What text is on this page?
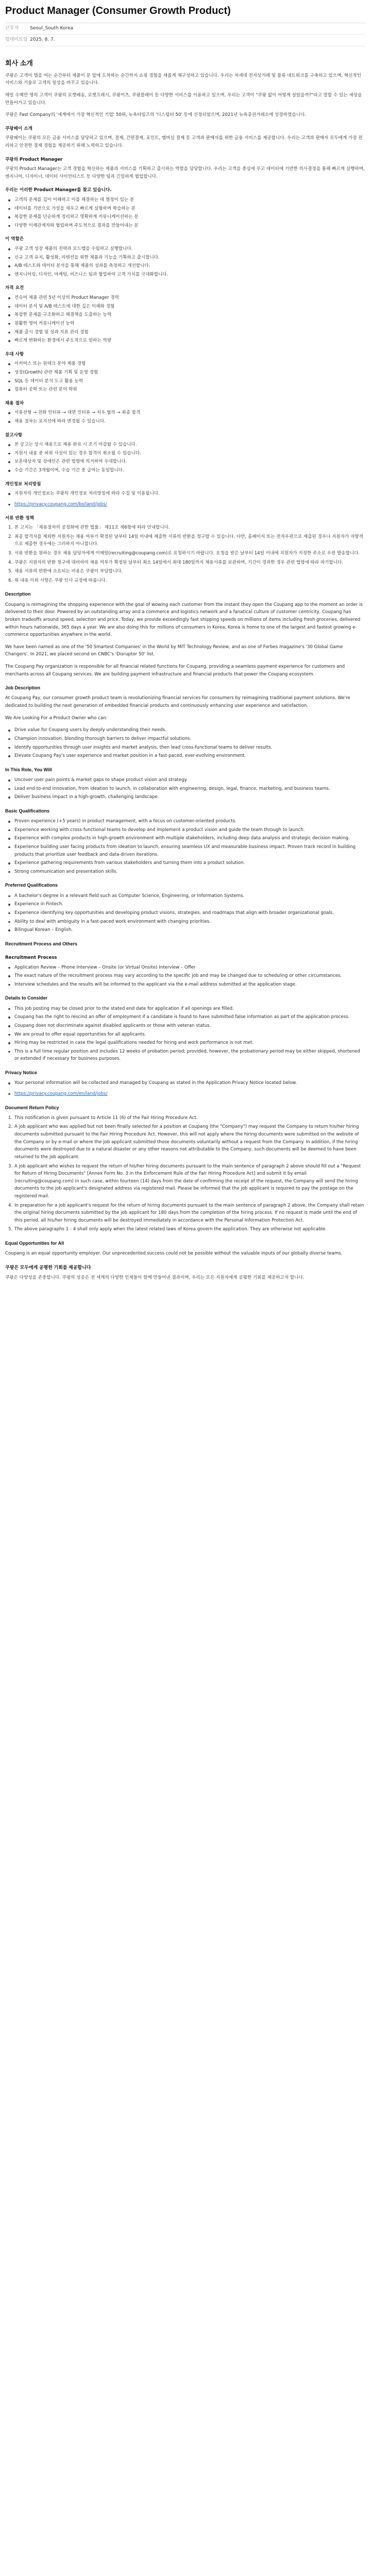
Product Manager (Consumer Growth Product)
근무지	Seoul_South Korea
업데이트일 2025. 8. 7.
회사 소개

쿠팡은 고객이 앱을 여는 순간부터 제품이 문 앞에 도착하는 순간까지 쇼핑 경험을 새롭게 재구성하고 있습니다. 우리는 차세대 전자상거래 및 물류 네트워크를 구축하고 있으며, 혁신적인 서비스와 기술로 고객의 일상을 바꾸고 있습니다.

매일 수백만 명의 고객이 쿠팡의 로켓배송, 로켓프레시, 쿠팡이츠, 쿠팡플레이 등 다양한 서비스를 이용하고 있으며, 우리는 고객이 "쿠팡 없이 어떻게 살았을까?"라고 말할 수 있는 세상을 만들어가고 있습니다.

쿠팡은 Fast Company의 '세계에서 가장 혁신적인 기업' 50위, 뉴욕타임즈의 '디스럽터 50' 등에 선정되었으며, 2021년 뉴욕증권거래소에 상장하였습니다.

쿠팡페이 소개

쿠팡페이는 쿠팡의 모든 금융 서비스를 담당하고 있으며, 결제, 간편결제, 포인트, 멤버십 결제 등 고객과 판매자를 위한 금융 서비스를 제공합니다. 우리는 고객과 판매자 모두에게 가장 편리하고 안전한 결제 경험을 제공하기 위해 노력하고 있습니다.

쿠팡의 Product Manager

쿠팡의 Product Manager는 고객 경험을 혁신하는 제품과 서비스를 기획하고 출시하는 역할을 담당합니다. 우리는 고객을 중심에 두고 데이터에 기반한 의사결정을 통해 빠르게 실행하며, 엔지니어, 디자이너, 데이터 사이언티스트 등 다양한 팀과 긴밀하게 협업합니다.

우리는 이러한 Product Manager를 찾고 있습니다.
고객의 문제를 깊이 이해하고 이를 해결하는 데 열정이 있는 분
데이터를 기반으로 가설을 세우고 빠르게 실험하며 학습하는 분
복잡한 문제를 단순하게 정리하고 명확하게 커뮤니케이션하는 분
다양한 이해관계자와 협업하며 주도적으로 결과를 만들어내는 분
이 역할은
쿠팡 고객 성장 제품의 전략과 로드맵을 수립하고 실행합니다.
신규 고객 유치, 활성화, 리텐션을 위한 제품과 기능을 기획하고 출시합니다.
A/B 테스트와 데이터 분석을 통해 제품의 성과를 측정하고 개선합니다.
엔지니어링, 디자인, 마케팅, 비즈니스 팀과 협업하여 고객 가치를 극대화합니다.
자격 요건
컨슈머 제품 관련 5년 이상의 Product Manager 경력
데이터 분석 및 A/B 테스트에 대한 깊은 이해와 경험
복잡한 문제를 구조화하고 해결책을 도출하는 능력
원활한 영어 커뮤니케이션 능력
제품 출시 경험 및 성과 지표 관리 경험
빠르게 변화하는 환경에서 주도적으로 일하는 역량
우대 사항
이커머스 또는 핀테크 분야 제품 경험
성장(Growth) 관련 제품 기획 및 운영 경험
SQL 등 데이터 분석 도구 활용 능력
컴퓨터 공학 또는 관련 분야 학위
채용 절차
서류전형 → 전화 인터뷰 → 대면 인터뷰 → 처우 협의 → 최종 합격
채용 절차는 포지션에 따라 변경될 수 있습니다.
참고사항
본 공고는 상시 채용으로 채용 완료 시 조기 마감될 수 있습니다.
지원서 내용 중 허위 사실이 있는 경우 합격이 취소될 수 있습니다.
보훈대상자 및 장애인은 관련 법령에 의거하여 우대합니다.
수습 기간은 3개월이며, 수습 기간 중 급여는 동일합니다.
개인정보 처리방침
지원자의 개인정보는 쿠팡의 개인정보 처리방침에 따라 수집 및 이용됩니다.
https://privacy.coupang.com/ko/land/jobs/
서류 반환 정책
1. 본 고지는 「채용절차의 공정화에 관한 법률」 제11조 제6항에 따라 안내합니다.
2. 최종 합격자를 제외한 지원자는 채용 여부가 확정된 날부터 14일 이내에 제출한 서류의 반환을 청구할 수 있습니다. 다만, 홈페이지 또는 전자우편으로 제출된 경우나 지원자가 자발적으로 제출한 경우에는 그러하지 아니합니다.
3. 서류 반환을 원하는 경우 채용 담당자에게 이메일(recruiting@coupang.com)로 요청하시기 바랍니다. 요청을 받은 날부터 14일 이내에 지원자가 지정한 주소로 우편 발송합니다.
4. 쿠팡은 지원자의 반환 청구에 대비하여 채용 여부가 확정된 날부터 최소 14일에서 최대 180일까지 채용서류를 보관하며, 기간이 경과한 경우 관련 법령에 따라 파기합니다.
5. 채용 서류의 반환에 소요되는 비용은 쿠팡이 부담합니다.
6. 위 내용 이외 사항은 쿠팡 인사 규정에 따릅니다.
Description

Coupang is reimagining the shopping experience with the goal of wowing each customer from the instant they open the Coupang app to the moment an order is delivered to their door. Powered by an outstanding array and a commerce and logistics network and a fanatical culture of customer centricity, Coupang has broken tradeoffs around speed, selection and price. Today, we provide exceedingly fast shipping speeds on millions of items including fresh groceries, delivered within hours nationwide, 365 days a year. We are also doing this for millions of consumers in Korea. Korea is home to one of the largest and fastest growing e-commerce opportunities anywhere in the world.

We have been named as one of the '50 Smartest Companies' in the World by MIT Technology Review, and as one of Forbes magazine's '30 Global Game Changers'. In 2021, we placed second on CNBC's 'Disruptor 50' list.

The Coupang Pay organization is responsible for all financial related functions for Coupang, providing a seamless payment experience for customers and merchants across all Coupang services. We are building payment infrastructure and financial products that power the Coupang ecosystem.

Job Description

At Coupang Pay, our consumer growth product team is revolutionizing financial services for consumers by reimagining traditional payment solutions. We're dedicated to building the next generation of embedded financial products and continuously enhancing user experience and satisfaction.

We Are Looking For a Product Owner who can:

Drive value for Coupang users by deeply understanding their needs.
Champion innovation, blending thorough barriers to deliver impactful solutions.
Identify opportunities through user insights and market analysis, then lead cross-functional teams to deliver results.
Elevate Coupang Pay's user experience and market position in a fast-paced, ever-evolving environment.
In This Role, You Will
Uncover user pain points & market gaps to shape product vision and strategy.
Lead end-to-end innovation, from ideation to launch, in collaboration with engineering, design, legal, finance, marketing, and business teams.
Deliver business impact in a high-growth, challenging landscape.
Basic Qualifications
Proven experience (+5 years) in product management, with a focus on customer-oriented products.
Experience working with cross-functional teams to develop and implement a product vision and guide the team through to launch.
Experience with complex products in high-growth environment with multiple stakeholders, including deep data analysis and strategic decision making.
Experience building user facing products from ideation to launch, ensuring seamless UX and measurable business impact. Proven track record in building products that prioritize user feedback and data-driven iterations.
Experience gathering requirements from various stakeholders and turning them into a product solution.
Strong communication and presentation skills.
Preferred Qualifications
A bachelor's degree in a relevant field such as Computer Science, Engineering, or Information Systems.
Experience in Fintech.
Experience identifying key opportunities and developing product visions, strategies, and roadmaps that align with broader organizational goals.
Ability to deal with ambiguity in a fast-paced work environment with changing priorities.
Bilingual Korean – English.
Recruitment Process and Others
Recruitment Process
Application Review – Phone Interview – Onsite (or Virtual Onsite) Interview – Offer
The exact nature of the recruitment process may vary according to the specific job and may be changed due to scheduling or other circumstances.
Interview schedules and the results will be informed to the applicant via the e-mail address submitted at the application stage.
Details to Consider
This job posting may be closed prior to the stated end date for application if all openings are filled.
Coupang has the right to rescind an offer of employment if a candidate is found to have submitted false information as part of the application process.
Coupang does not discriminate against disabled applicants or those with veteran status.
We are proud to offer equal opportunities for all applicants.
Hiring may be restricted in case the legal qualifications needed for hiring and work performance is not met.
This is a full time regular position and includes 12 weeks of probation period; provided, however, the probationary period may be either skipped, shortened or extended if necessary for business purposes.
Privacy Notice
Your personal information will be collected and managed by Coupang as stated in the Application Privacy Notice located below.
https://privacy.coupang.com/en/land/jobs/
Document Return Policy
1. This notification is given pursuant to Article 11 (6) of the Fair Hiring Procedure Act.
2. A job applicant who was applied but not been finally selected for a position at Coupang (the "Company") may request the Company to return his/her hiring documents submitted pursuant to the Fair Hiring Procedure Act. However, this will not apply where the hiring documents were submitted on the website of the Company or by e-mail or where the job applicant submitted those documents voluntarily without a request from the Company. In addition, if the hiring documents were destroyed due to a natural disaster or any other reasons not attributable to the Company, such documents will be deemed to have been returned to the job applicant.
3. A job applicant who wishes to request the return of his/her hiring documents pursuant to the main sentence of paragraph 2 above should fill out a "Request for Return of Hiring Documents" [Annex Form No. 3 in the Enforcement Rule of the Fair Hiring Procedure Act] and submit it by email (recruiting@coupang.com) in such case, within fourteen (14) days from the date of confirming the receipt of the request, the Company will send the hiring documents to the job applicant's designated address via registered mail. Please be informed that the job applicant is required to pay the postage on the registered mail.
4. In preparation for a job applicant's request for the return of hiring documents pursuant to the main sentence of paragraph 2 above, the Company shall retain the original hiring documents submitted by the job applicant for 180 days from the completion of the hiring process. If no request is made until the end of this period, all his/her hiring documents will be destroyed immediately in accordance with the Personal Information Protection Act.
5. The above paragraphs 1 - 4 shall only apply when the latest related laws of Korea govern the application. They are otherwise not applicable.
Equal Opportunities for All

Coupang is an equal opportunity employer. Our unprecedented success could not be possible without the valuable inputs of our globally diverse teams.

쿠팡은 모두에게 공평한 기회를 제공합니다

쿠팡은 다양성을 존중합니다. 쿠팡의 성공은 전 세계의 다양한 인재들이 함께 만들어낸 결과이며, 우리는 모든 지원자에게 공평한 기회를 제공하고자 합니다.
